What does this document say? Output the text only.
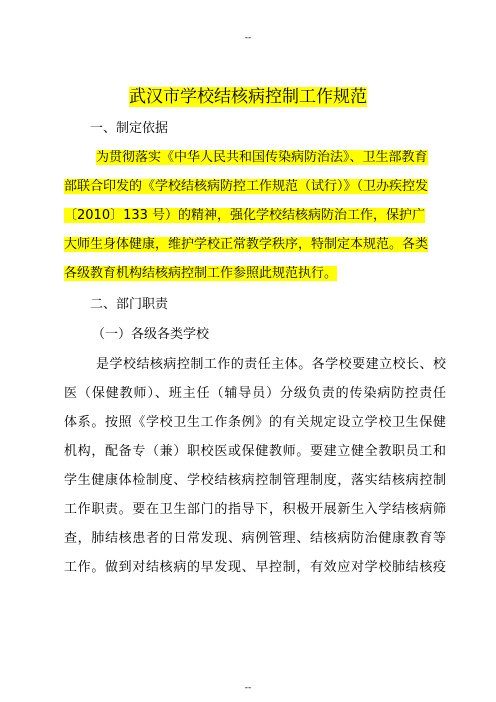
--
武汉市学校结核病控制工作规范
一、制定依据
为贯彻落实《中华人民共和国传染病防治法》、卫生部教育
部联合印发的《学校结核病防控工作规范（试行）》（卫办疾控发
〔2010〕133 号）的精神，强化学校结核病防治工作，保护广
大师生身体健康，维护学校正常教学秩序，特制定本规范。各类
各级教育机构结核病控制工作参照此规范执行。
二、部门职责
（一）各级各类学校
是学校结核病控制工作的责任主体。各学校要建立校长、校
医（保健教师）、班主任（辅导员）分级负责的传染病防控责任
体系。按照《学校卫生工作条例》的有关规定设立学校卫生保健
机构，配备专（兼）职校医或保健教师。要建立健全教职员工和
学生健康体检制度、学校结核病控制管理制度，落实结核病控制
工作职责。要在卫生部门的指导下，积极开展新生入学结核病筛
查，肺结核患者的日常发现、病例管理、结核病防治健康教育等
工作。做到对结核病的早发现、早控制，有效应对学校肺结核疫
--
